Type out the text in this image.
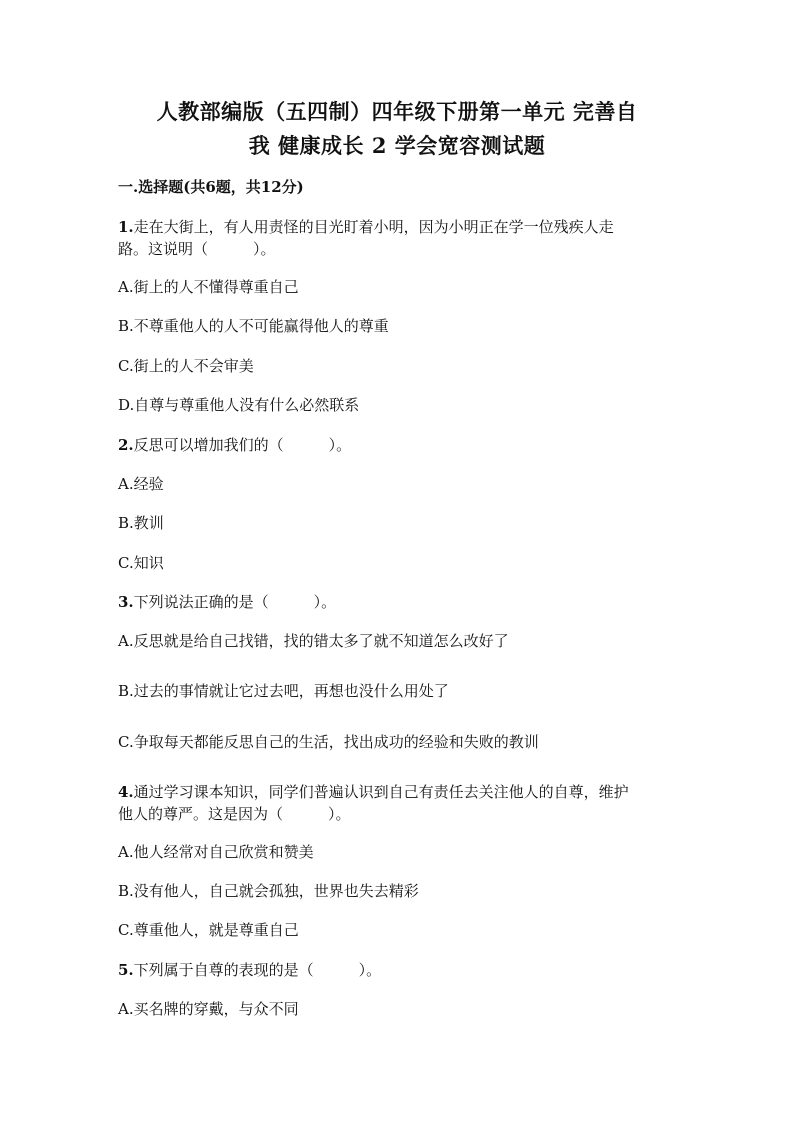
人教部编版（五四制）四年级下册第一单元 完善自
我 健康成长 2 学会宽容测试题
一.选择题(共6题，共12分)
1.走在大街上，有人用责怪的目光盯着小明，因为小明正在学一位残疾人走
路。这说明（　　　）。
A.街上的人不懂得尊重自己
B.不尊重他人的人不可能赢得他人的尊重
C.街上的人不会审美
D.自尊与尊重他人没有什么必然联系
2.反思可以增加我们的（　　　）。
A.经验
B.教训
C.知识
3.下列说法正确的是（　　　）。
A.反思就是给自己找错，找的错太多了就不知道怎么改好了
B.过去的事情就让它过去吧，再想也没什么用处了
C.争取每天都能反思自己的生活，找出成功的经验和失败的教训
4.通过学习课本知识，同学们普遍认识到自己有责任去关注他人的自尊，维护
他人的尊严。这是因为（　　　）。
A.他人经常对自己欣赏和赞美
B.没有他人，自己就会孤独，世界也失去精彩
C.尊重他人，就是尊重自己
5.下列属于自尊的表现的是（　　　）。
A.买名牌的穿戴，与众不同
